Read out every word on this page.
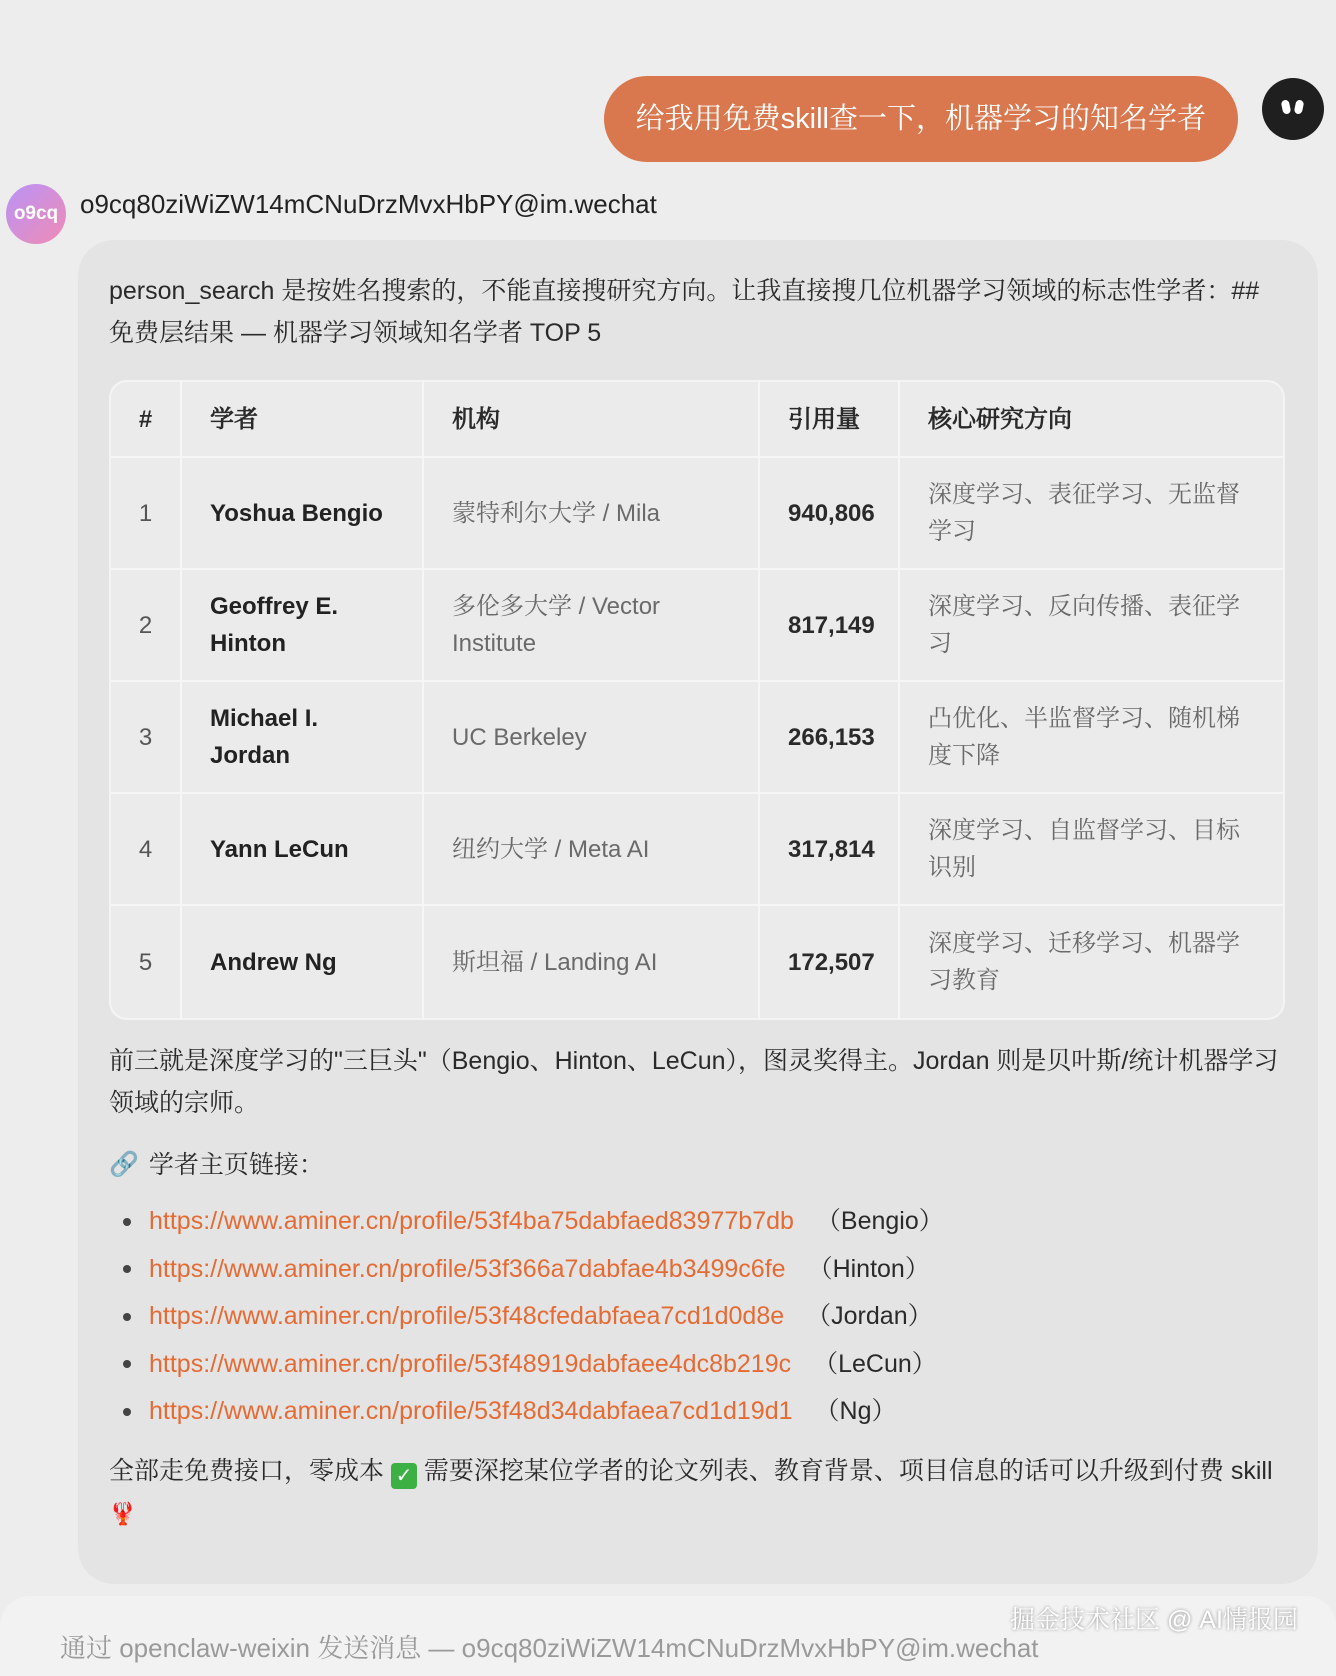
给我用免费skill查一下，机器学习的知名学者
o9cq o9cq80ziWiZW14mCNuDrzMvxHbPY@im.wechat

person_search 是按姓名搜索的，不能直接搜研究方向。让我直接搜几位机器学习领域的标志性学者：## 免费层结果 — 机器学习领域知名学者 TOP 5

#	学者	机构	引用量	核心研究方向
1	Yoshua Bengio	蒙特利尔大学 / Mila	940,806	深度学习、表征学习、无监督学习
2	Geoffrey E. Hinton	多伦多大学 / Vector Institute	817,149	深度学习、反向传播、表征学习
3	Michael I. Jordan	UC Berkeley	266,153	凸优化、半监督学习、随机梯度下降
4	Yann LeCun	纽约大学 / Meta AI	317,814	深度学习、自监督学习、目标识别
5	Andrew Ng	斯坦福 / Landing AI	172,507	深度学习、迁移学习、机器学习教育

前三就是深度学习的"三巨头"（Bengio、Hinton、LeCun），图灵奖得主。Jordan 则是贝叶斯/统计机器学习领域的宗师。

🔗 学者主页链接：
https://www.aminer.cn/profile/53f4ba75dabfaed83977b7db （Bengio）
https://www.aminer.cn/profile/53f366a7dabfae4b3499c6fe （Hinton）
https://www.aminer.cn/profile/53f48cfedabfaea7cd1d0d8e （Jordan）
https://www.aminer.cn/profile/53f48919dabfaee4dc8b219c （LeCun）
https://www.aminer.cn/profile/53f48d34dabfaea7cd1d19d1 （Ng）

全部走免费接口，零成本 ✓ 需要深挖某位学者的论文列表、教育背景、项目信息的话可以升级到付费 skill 🦞

通过 openclaw-weixin 发送消息 — o9cq80ziWiZW14mCNuDrzMvxHbPY@im.wechat
掘金技术社区 @ AI情报园
